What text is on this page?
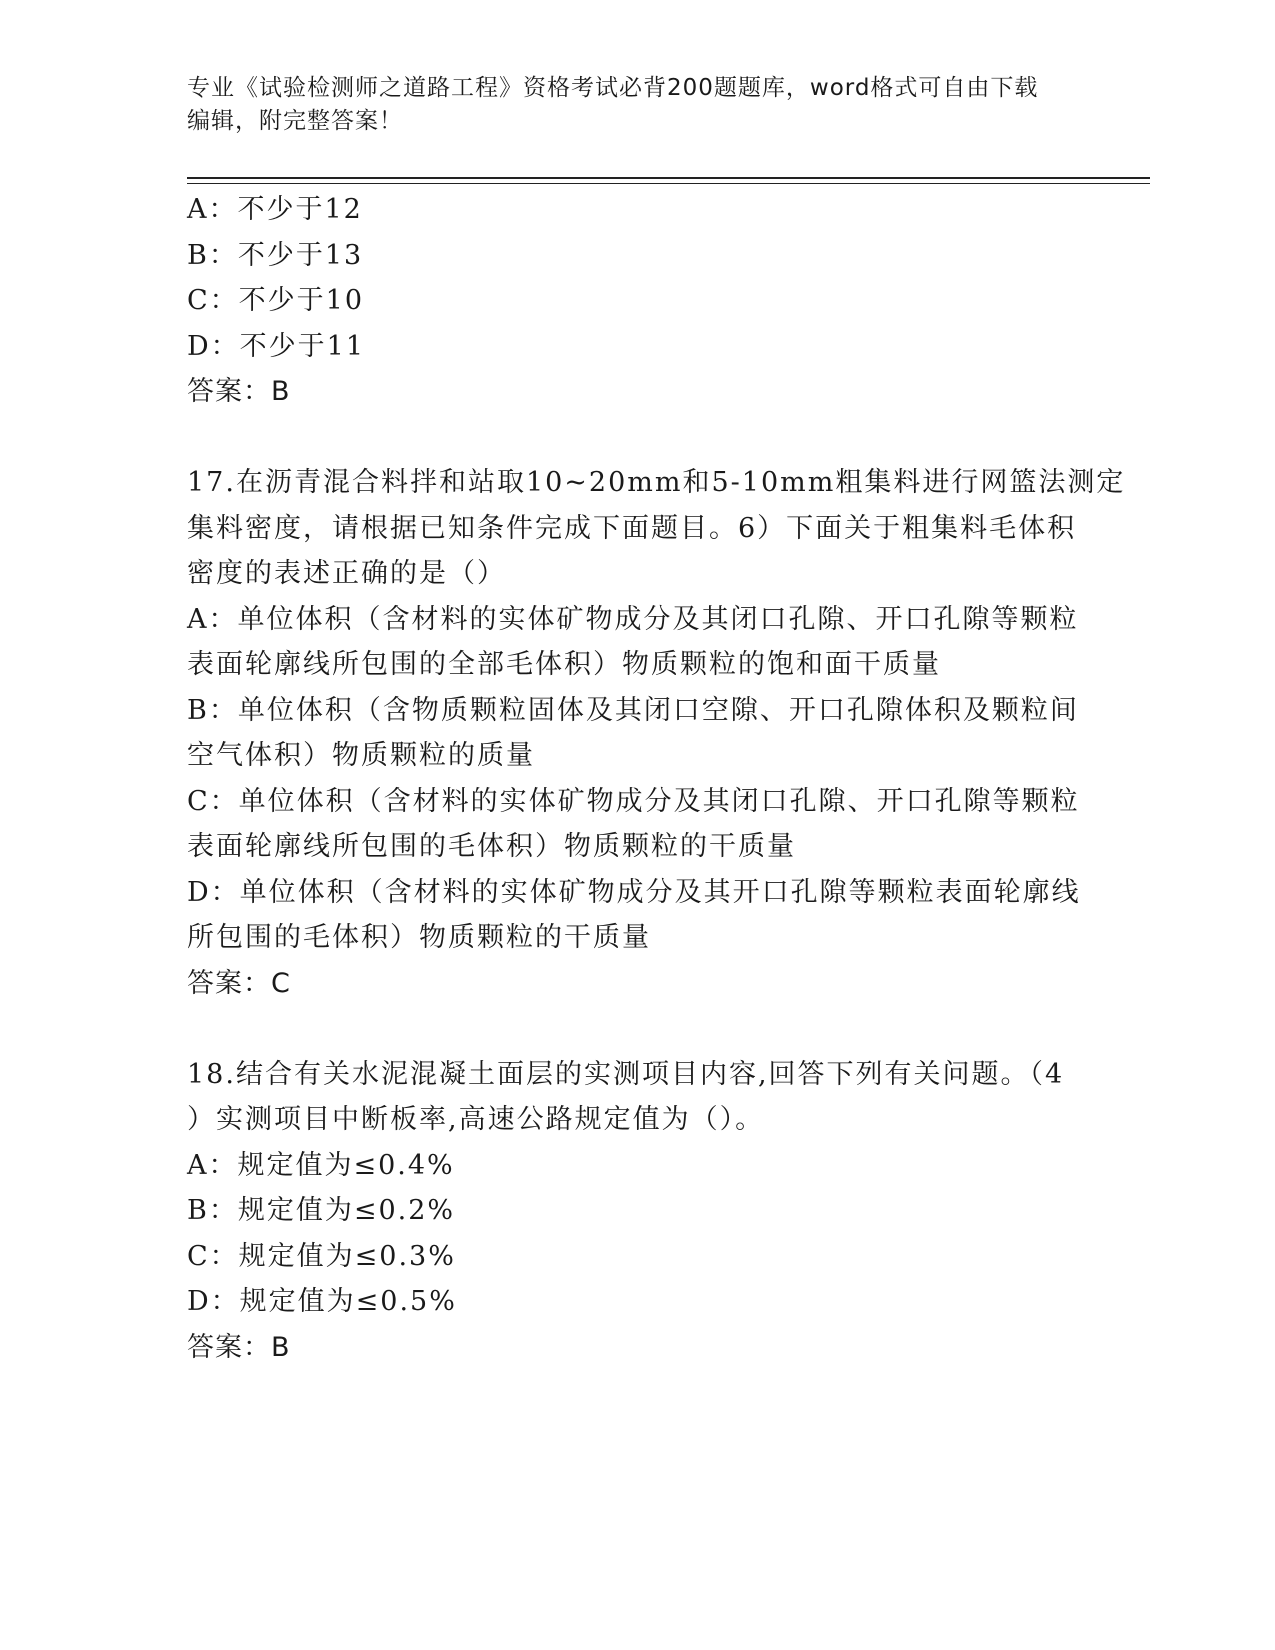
专业《试验检测师之道路工程》资格考试必背200题题库，word格式可自由下载
编辑，附完整答案！
A：不少于12
B：不少于13
C：不少于10
D：不少于11
答案：B
17.在沥青混合料拌和站取10~20mm和5-10mm粗集料进行网篮法测定
集料密度，请根据已知条件完成下面题目。6）下面关于粗集料毛体积
密度的表述正确的是（）
A：单位体积（含材料的实体矿物成分及其闭口孔隙、开口孔隙等颗粒
表面轮廓线所包围的全部毛体积）物质颗粒的饱和面干质量
B：单位体积（含物质颗粒固体及其闭口空隙、开口孔隙体积及颗粒间
空气体积）物质颗粒的质量
C：单位体积（含材料的实体矿物成分及其闭口孔隙、开口孔隙等颗粒
表面轮廓线所包围的毛体积）物质颗粒的干质量
D：单位体积（含材料的实体矿物成分及其开口孔隙等颗粒表面轮廓线
所包围的毛体积）物质颗粒的干质量
答案：C
18.结合有关水泥混凝土面层的实测项目内容,回答下列有关问题。（4
）实测项目中断板率,高速公路规定值为（）。
A：规定值为≤0.4%
B：规定值为≤0.2%
C：规定值为≤0.3%
D：规定值为≤0.5%
答案：B
